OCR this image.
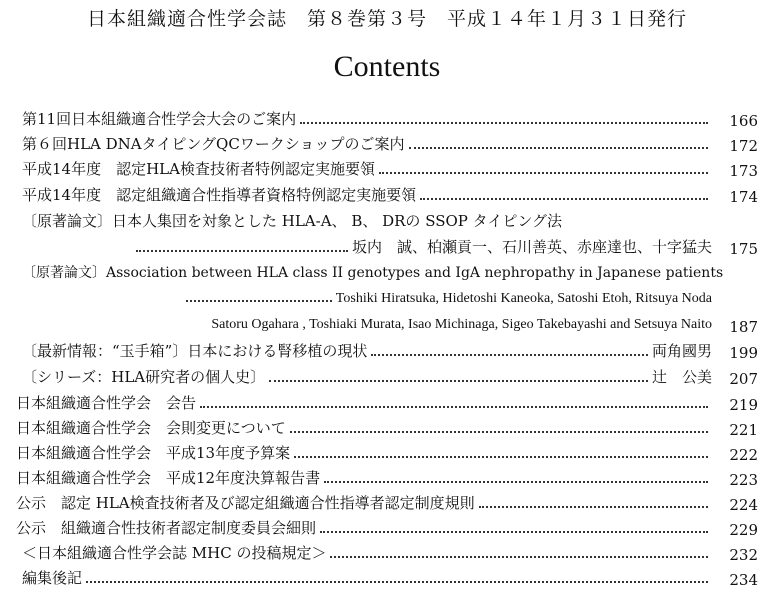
日本組織適合性学会誌　第８巻第３号　平成１４年１月３１日発行
Contents
第11回日本組織適合性学会大会のご案内	166
第６回HLA DNAタイピングQCワークショップのご案内	172
平成14年度　認定HLA検査技術者特例認定実施要領	173
平成14年度　認定組織適合性指導者資格特例認定実施要領	174
〔原著論文〕日本人集団を対象とした HLA-A、 B、 DRの SSOP タイピング法
坂内　誠、柏瀬貢一、石川善英、赤座達也、十字猛夫	175
〔原著論文〕Association between HLA class II genotypes and IgA nephropathy in Japanese patients
Toshiki Hiratsuka, Hidetoshi Kaneoka, Satoshi Etoh, Ritsuya Noda
Satoru Ogahara , Toshiaki Murata, Isao Michinaga, Sigeo Takebayashi and Setsuya Naito	187
〔最新情報：“玉手箱”〕日本における腎移植の現状	両角國男	199
〔シリーズ：HLA研究者の個人史〕	辻　公美	207
日本組織適合性学会　会告	219
日本組織適合性学会　会則変更について	221
日本組織適合性学会　平成13年度予算案	222
日本組織適合性学会　平成12年度決算報告書	223
公示　認定 HLA検査技術者及び認定組織適合性指導者認定制度規則	224
公示　組織適合性技術者認定制度委員会細則	229
＜日本組織適合性学会誌 MHC の投稿規定＞	232
編集後記	234
